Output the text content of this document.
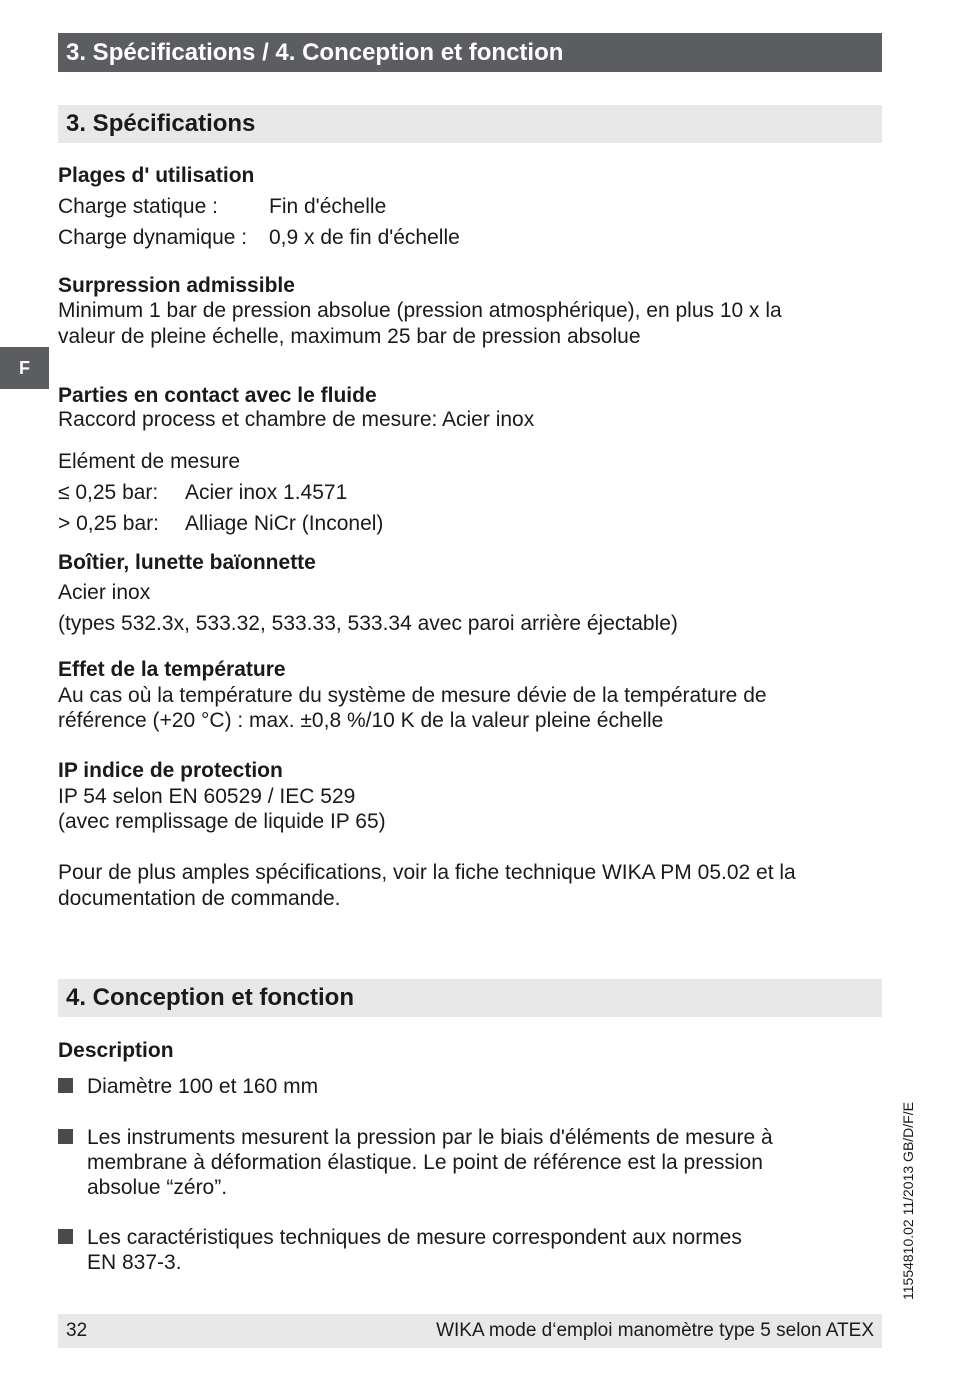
3. Spécifications / 4. Conception et fonction
F
3. Spécifications
Plages d' utilisation
Charge statique : Fin d'échelle
Charge dynamique : 0,9 x de fin d'échelle
Surpression admissible
Minimum 1 bar de pression absolue (pression atmosphérique), en plus 10 x la
valeur de pleine échelle, maximum 25 bar de pression absolue
Parties en contact avec le fluide
Raccord process et chambre de mesure: Acier inox
Elément de mesure
≤ 0,25 bar: Acier inox 1.4571
> 0,25 bar: Alliage NiCr (Inconel)
Boîtier, lunette baïonnette
Acier inox
(types 532.3x, 533.32, 533.33, 533.34 avec paroi arrière éjectable)
Effet de la température
Au cas où la température du système de mesure dévie de la température de
référence (+20 °C) : max. ±0,8 %/10 K de la valeur pleine échelle
IP indice de protection
IP 54 selon EN 60529 / IEC 529
(avec remplissage de liquide IP 65)
Pour de plus amples spécifications, voir la fiche technique WIKA PM 05.02 et la
documentation de commande.
4. Conception et fonction
Description
Diamètre 100 et 160 mm
Les instruments mesurent la pression par le biais d'éléments de mesure à
membrane à déformation élastique. Le point de référence est la pression
absolue “zéro”.
Les caractéristiques techniques de mesure correspondent aux normes
EN 837-3.	11554810.02 11/2013 GB/D/F/E
32	WIKA mode d‘emploi manomètre type 5 selon ATEX
